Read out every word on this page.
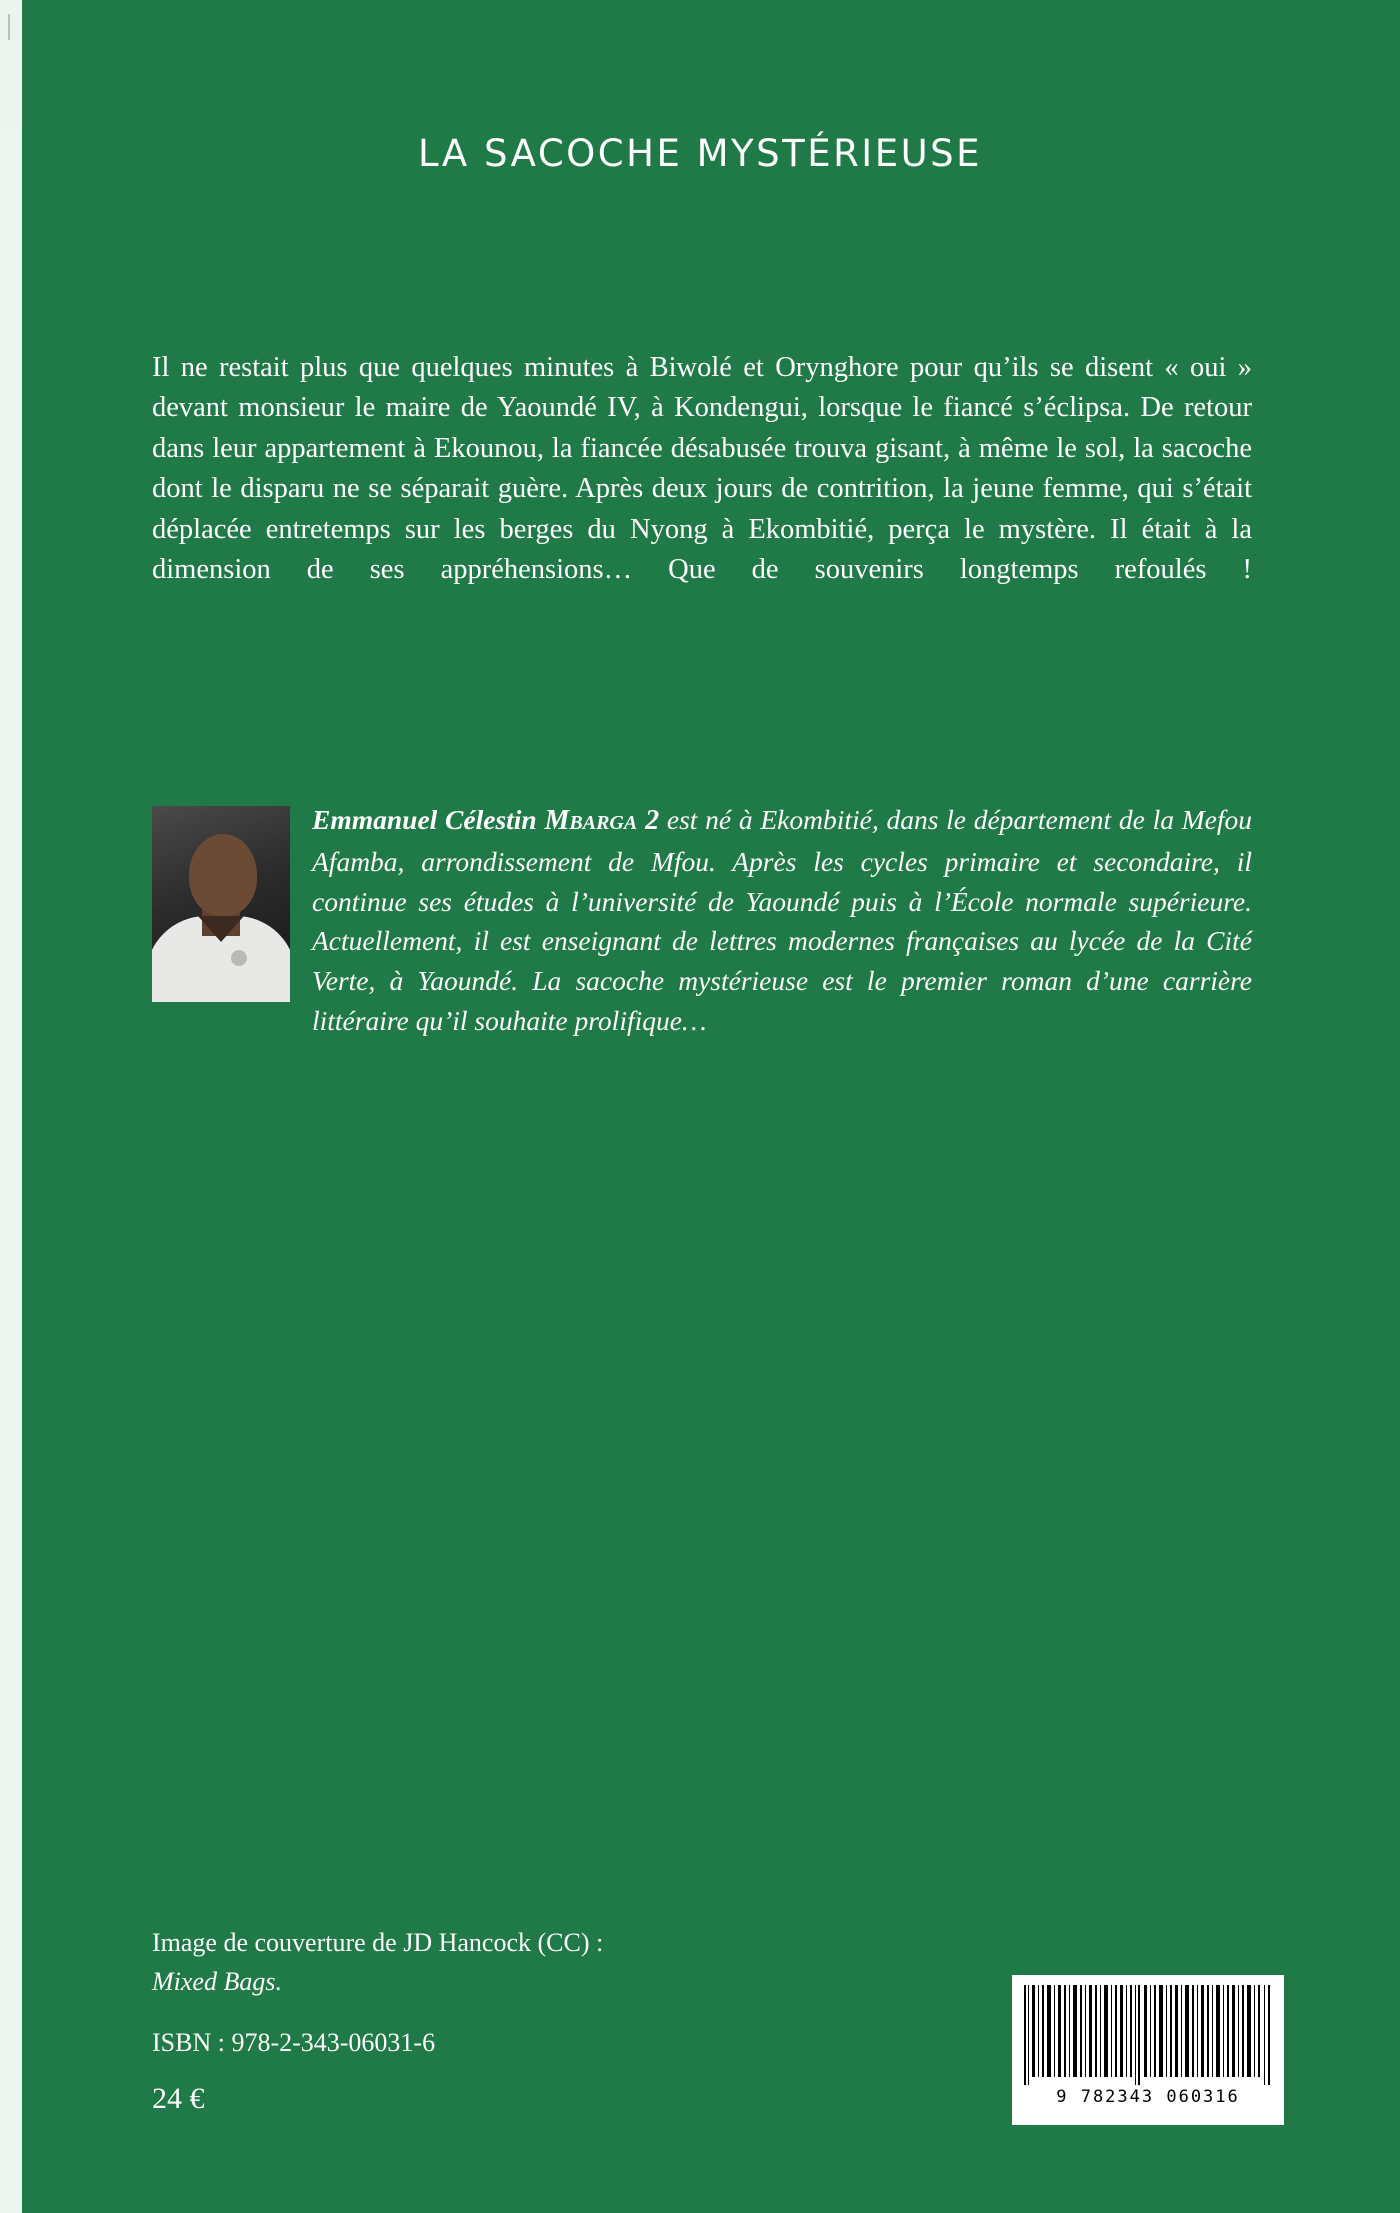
LA SACOCHE MYSTÉRIEUSE
Il ne restait plus que quelques minutes à Biwolé et Orynghore pour qu’ils se disent « oui » devant monsieur le maire de Yaoundé IV, à Kondengui, lorsque le fiancé s’éclipsa. De retour dans leur appartement à Ekounou, la fiancée désabusée trouva gisant, à même le sol, la sacoche dont le disparu ne se séparait guère. Après deux jours de contrition, la jeune femme, qui s’était déplacée entretemps sur les berges du Nyong à Ekombitié, perça le mystère. Il était à la dimension de ses appréhensions… Que de souvenirs longtemps refoulés !
Emmanuel Célestin Mbarga 2 est né à Ekombitié, dans le département de la Mefou Afamba, arrondissement de Mfou. Après les cycles primaire et secondaire, il continue ses études à l’université de Yaoundé puis à l’École normale supérieure. Actuellement, il est enseignant de lettres modernes françaises au lycée de la Cité Verte, à Yaoundé. La sacoche mystérieuse est le premier roman d’une carrière littéraire qu’il souhaite prolifique…
Image de couverture de JD Hancock (CC) :
Mixed Bags.
ISBN : 978-2-343-06031-6
24 €	9 782343 060316
